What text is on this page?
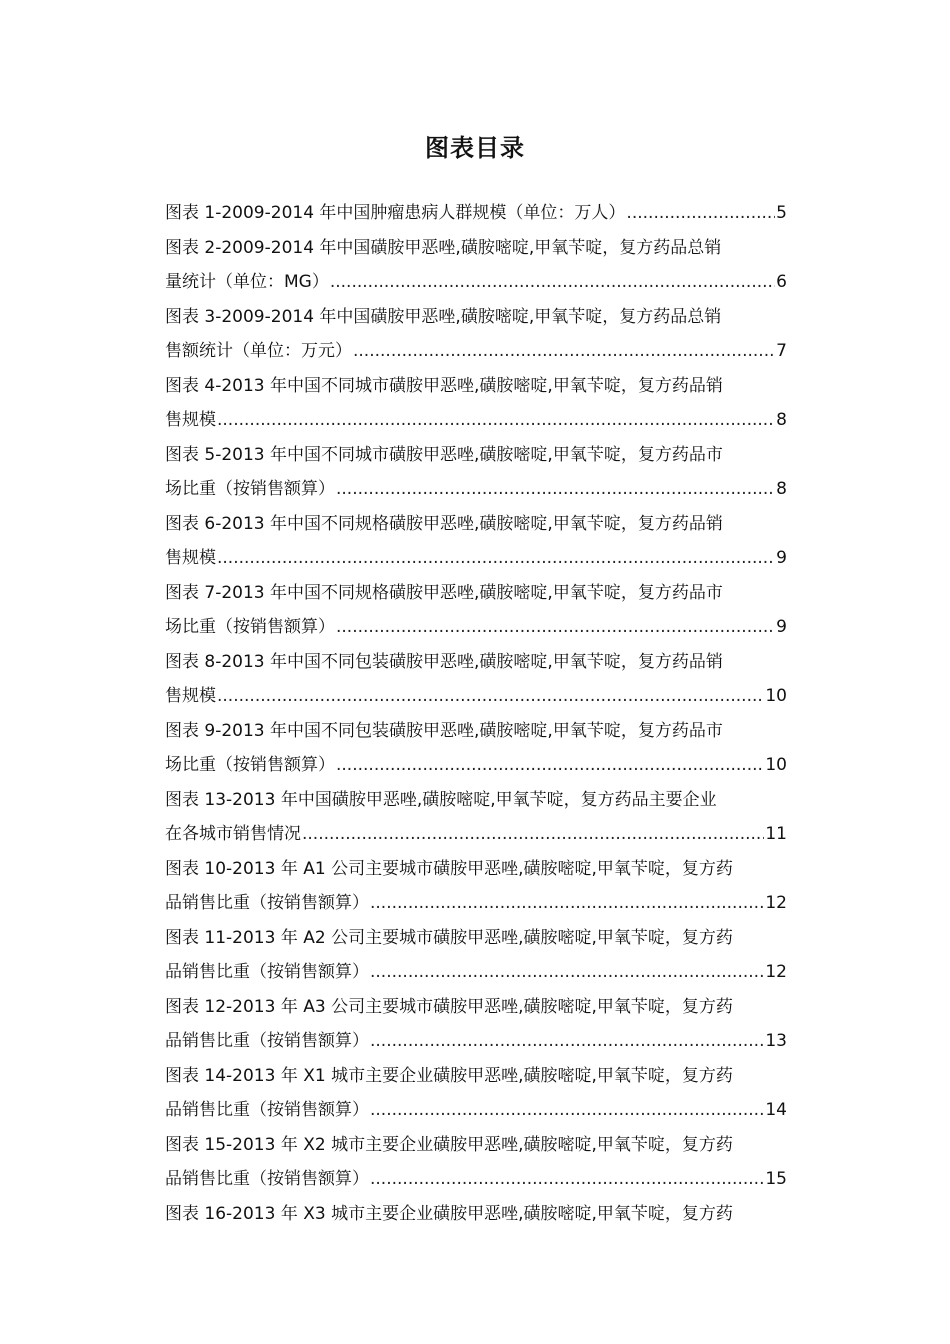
图表目录
图表 1-2009-2014 年中国肿瘤患病人群规模（单位：万人） .....	5
图表 2-2009-2014 年中国磺胺甲恶唑,磺胺嘧啶,甲氧苄啶，复方药品总销
量统计（单位：MG） .....	6
图表 3-2009-2014 年中国磺胺甲恶唑,磺胺嘧啶,甲氧苄啶，复方药品总销
售额统计（单位：万元） .....	7
图表 4-2013 年中国不同城市磺胺甲恶唑,磺胺嘧啶,甲氧苄啶，复方药品销
售规模 .....	8
图表 5-2013 年中国不同城市磺胺甲恶唑,磺胺嘧啶,甲氧苄啶，复方药品市
场比重（按销售额算） .....	8
图表 6-2013 年中国不同规格磺胺甲恶唑,磺胺嘧啶,甲氧苄啶，复方药品销
售规模 .....	9
图表 7-2013 年中国不同规格磺胺甲恶唑,磺胺嘧啶,甲氧苄啶，复方药品市
场比重（按销售额算） .....	9
图表 8-2013 年中国不同包装磺胺甲恶唑,磺胺嘧啶,甲氧苄啶，复方药品销
售规模 .....	10
图表 9-2013 年中国不同包装磺胺甲恶唑,磺胺嘧啶,甲氧苄啶，复方药品市
场比重（按销售额算） .....	10
图表 13-2013 年中国磺胺甲恶唑,磺胺嘧啶,甲氧苄啶，复方药品主要企业
在各城市销售情况 .....	11
图表 10-2013 年 A1 公司主要城市磺胺甲恶唑,磺胺嘧啶,甲氧苄啶，复方药
品销售比重（按销售额算） .....	12
图表 11-2013 年 A2 公司主要城市磺胺甲恶唑,磺胺嘧啶,甲氧苄啶，复方药
品销售比重（按销售额算） .....	12
图表 12-2013 年 A3 公司主要城市磺胺甲恶唑,磺胺嘧啶,甲氧苄啶，复方药
品销售比重（按销售额算） .....	13
图表 14-2013 年 X1 城市主要企业磺胺甲恶唑,磺胺嘧啶,甲氧苄啶，复方药
品销售比重（按销售额算） .....	14
图表 15-2013 年 X2 城市主要企业磺胺甲恶唑,磺胺嘧啶,甲氧苄啶，复方药
品销售比重（按销售额算） .....	15
图表 16-2013 年 X3 城市主要企业磺胺甲恶唑,磺胺嘧啶,甲氧苄啶，复方药
